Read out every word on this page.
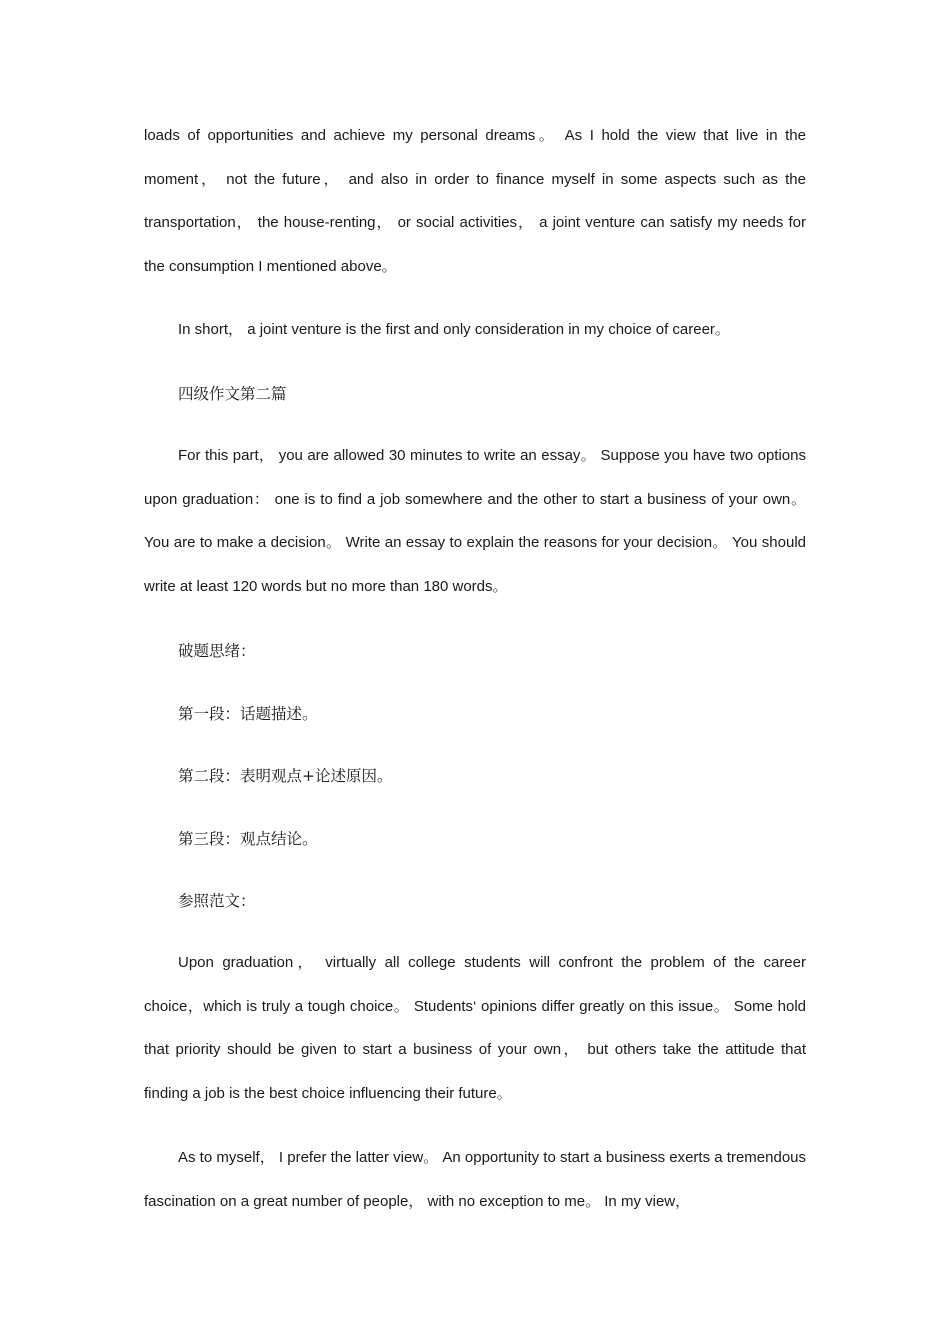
loads of opportunities and achieve my personal dreams。 As I hold the view that live in the moment， not the future， and also in order to finance myself in some aspects such as the transportation， the house-renting， or social activities， a joint venture can satisfy my needs for the consumption I mentioned above。

In short， a joint venture is the first and only consideration in my choice of career。

四级作文第二篇

For this part， you are allowed 30 minutes to write an essay。 Suppose you have two options upon graduation： one is to find a job somewhere and the other to start a business of your own。 You are to make a decision。 Write an essay to explain the reasons for your decision。 You should write at least 120 words but no more than 180 words。

破题思绪：
第一段：话题描述。
第二段：表明观点+论述原因。
第三段：观点结论。
参照范文：

Upon graduation， virtually all college students will confront the problem of the career choice，which is truly a tough choice。 Students‘ opinions differ greatly on this issue。 Some hold that priority should be given to start a business of your own， but others take the attitude that finding a job is the best choice influencing their future。

As to myself， I prefer the latter view。 An opportunity to start a business exerts a tremendous fascination on a great number of people， with no exception to me。 In my view，
